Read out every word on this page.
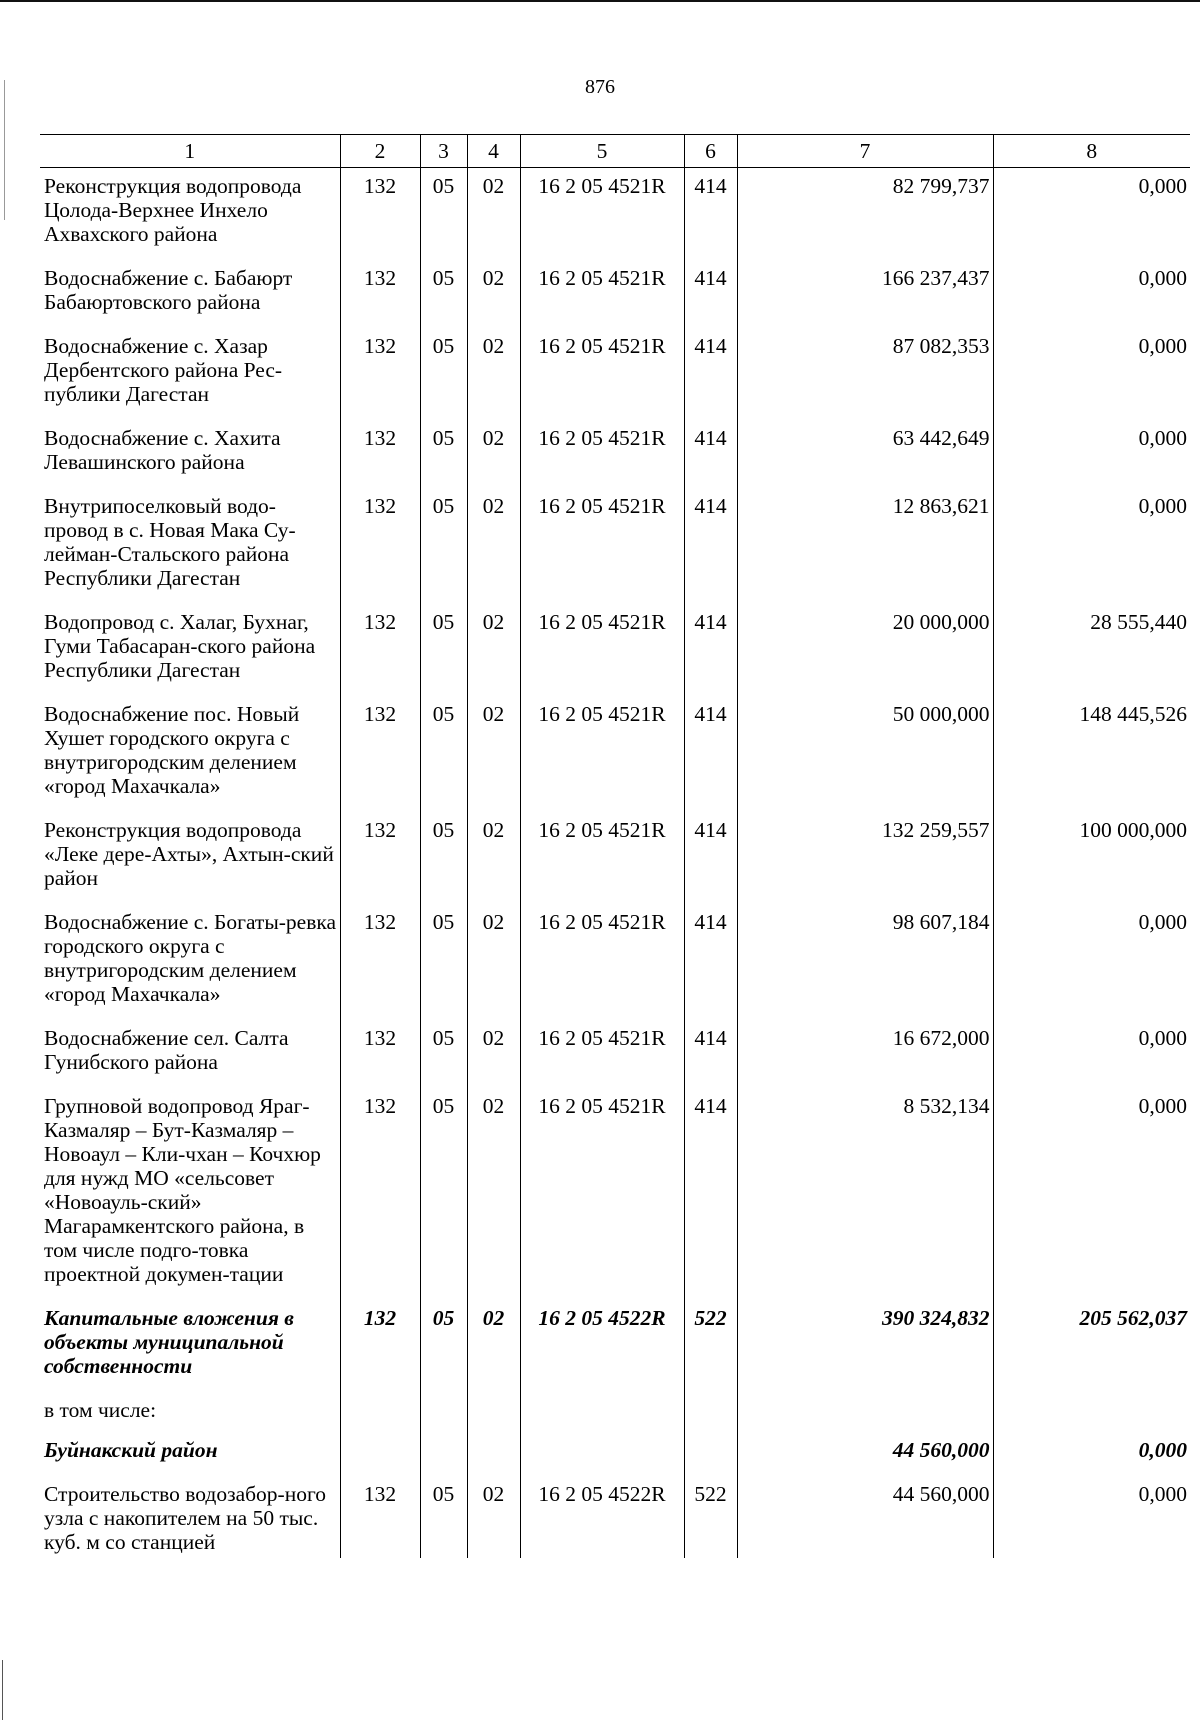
876
1	2	3	4	5	6	7	8
Реконструкция водопровода Цолода-Верхнее Инхело Ахвахского района	132	05	02	16 2 05 4521R	414	82 799,737	0,000
Водоснабжение с. Бабаюрт Бабаюртовского района	132	05	02	16 2 05 4521R	414	166 237,437	0,000
Водоснабжение с. Хазар Дербентского района Рес-публики Дагестан	132	05	02	16 2 05 4521R	414	87 082,353	0,000
Водоснабжение с. Хахита Левашинского района	132	05	02	16 2 05 4521R	414	63 442,649	0,000
Внутрипоселковый водо-провод в с. Новая Мака Су-лейман-Стальского района Республики Дагестан	132	05	02	16 2 05 4521R	414	12 863,621	0,000
Водопровод с. Халаг, Бухнаг, Гуми Табасаран-ского района Республики Дагестан	132	05	02	16 2 05 4521R	414	20 000,000	28 555,440
Водоснабжение пос. Новый Хушет городского округа с внутригородским делением «город Махачкала»	132	05	02	16 2 05 4521R	414	50 000,000	148 445,526
Реконструкция водопровода «Леке дере-Ахты», Ахтын-ский район	132	05	02	16 2 05 4521R	414	132 259,557	100 000,000
Водоснабжение с. Богаты-ревка городского округа с внутригородским делением «город Махачкала»	132	05	02	16 2 05 4521R	414	98 607,184	0,000
Водоснабжение сел. Салта Гунибского района	132	05	02	16 2 05 4521R	414	16 672,000	0,000
Групновой водопровод Яраг-Казмаляр – Бут-Казмаляр – Новоаул – Кли-чхан – Кочхюр для нужд МО «сельсовет «Новоауль-ский» Магарамкентского района, в том числе подго-товка проектной докумен-тации	132	05	02	16 2 05 4521R	414	8 532,134	0,000
Капитальные вложения в объекты муниципальной собственности	132	05	02	16 2 05 4522R	522	390 324,832	205 562,037
в том числе:							
Буйнакский район						44 560,000	0,000
Строительство водозабор-ного узла с накопителем на 50 тыс. куб. м со станцией	132	05	02	16 2 05 4522R	522	44 560,000	0,000
